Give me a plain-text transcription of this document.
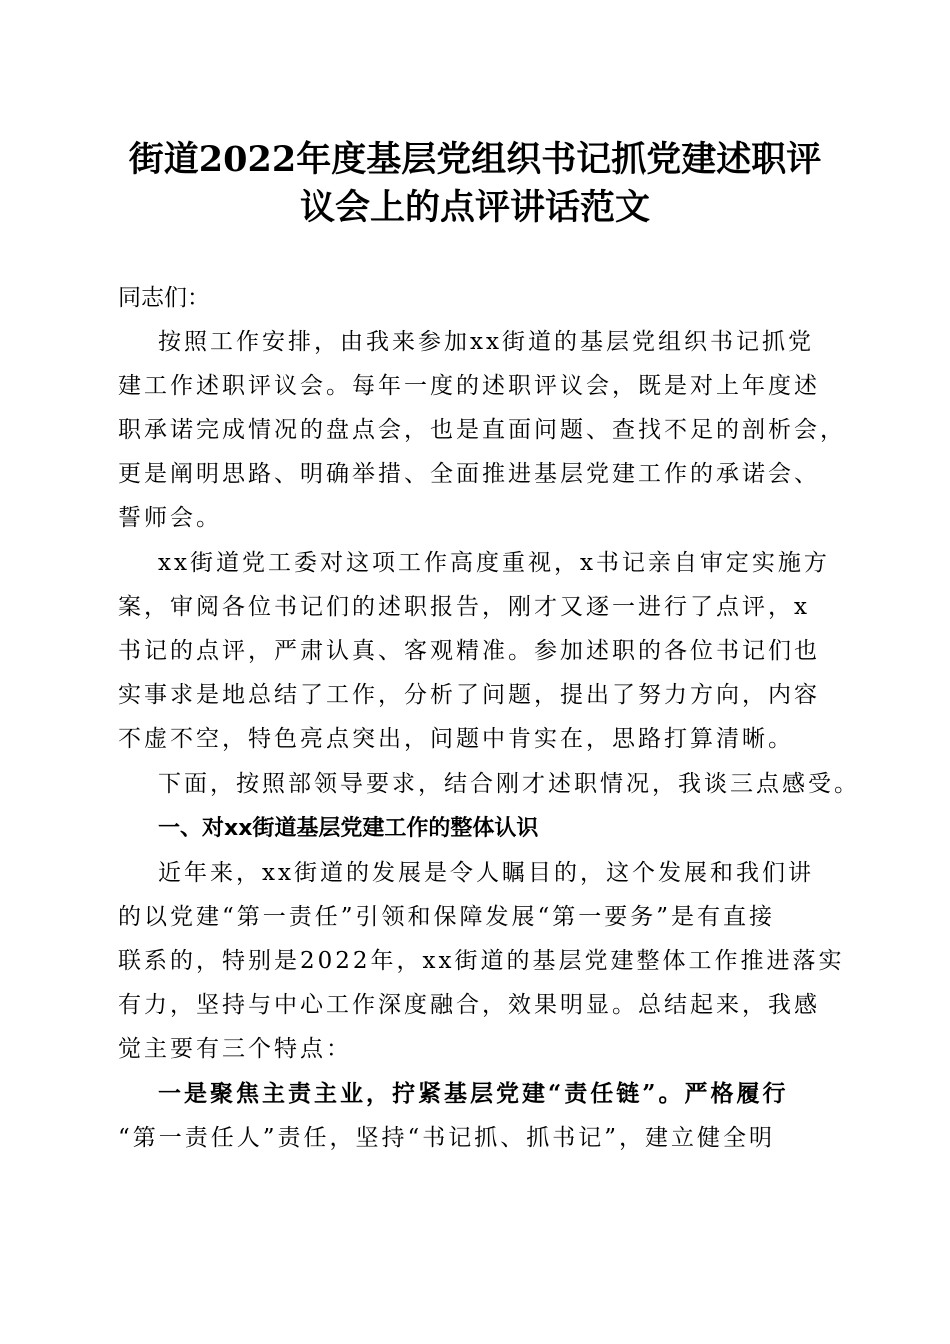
街道2022年度基层党组织书记抓党建述职评
议会上的点评讲话范文

同志们：

按照工作安排，由我来参加xx街道的基层党组织书记抓党

建工作述职评议会。每年一度的述职评议会，既是对上年度述

职承诺完成情况的盘点会，也是直面问题、查找不足的剖析会，

更是阐明思路、明确举措、全面推进基层党建工作的承诺会、

誓师会。

xx街道党工委对这项工作高度重视，x书记亲自审定实施方

案，审阅各位书记们的述职报告，刚才又逐一进行了点评，x

书记的点评，严肃认真、客观精准。参加述职的各位书记们也

实事求是地总结了工作，分析了问题，提出了努力方向，内容

不虚不空，特色亮点突出，问题中肯实在，思路打算清晰。

下面，按照部领导要求，结合刚才述职情况，我谈三点感受。

一、对xx街道基层党建工作的整体认识

近年来，xx街道的发展是令人瞩目的，这个发展和我们讲

的以党建“第一责任”引领和保障发展“第一要务”是有直接

联系的，特别是2022年，xx街道的基层党建整体工作推进落实

有力，坚持与中心工作深度融合，效果明显。总结起来，我感

觉主要有三个特点：

一是聚焦主责主业，拧紧基层党建“责任链”。严格履行

“第一责任人”责任，坚持“书记抓、抓书记”，建立健全明
